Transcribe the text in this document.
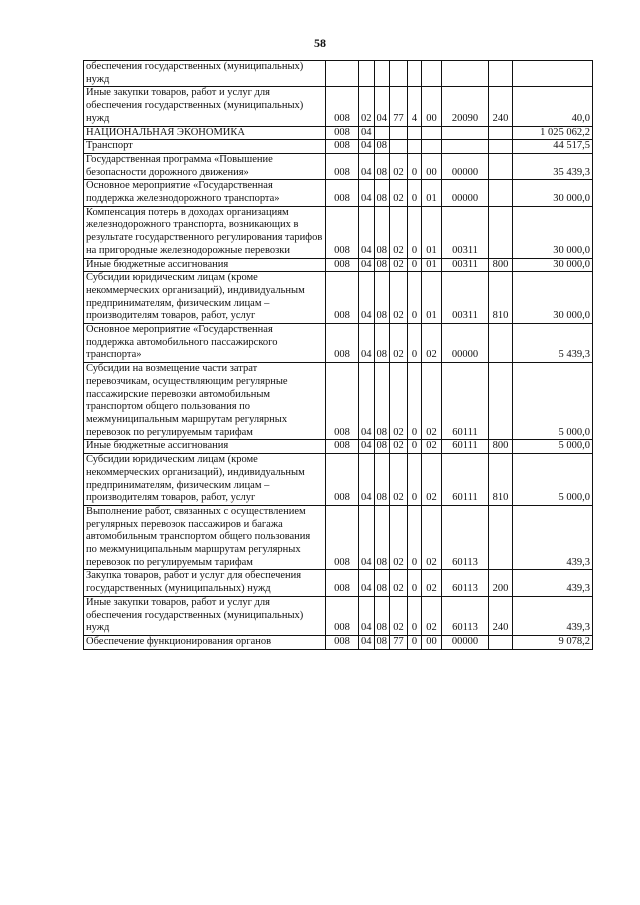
58
обеспечения государственных (муниципальных) нужд									
Иные закупки товаров, работ и услуг для обеспечения государственных (муниципальных) нужд	008	02	04	77	4	00	20090	240	40,0
НАЦИОНАЛЬНАЯ ЭКОНОМИКА	008	04							1 025 062,2
Транспорт	008	04	08						44 517,5
Государственная программа «Повышение безопасности дорожного движения»	008	04	08	02	0	00	00000		35 439,3
Основное мероприятие «Государственная поддержка железнодорожного транспорта»	008	04	08	02	0	01	00000		30 000,0
Компенсация потерь в доходах организациям железнодорожного транспорта, возникающих в результате государственного регулирования тарифов на пригородные железнодорожные перевозки	008	04	08	02	0	01	00311		30 000,0
Иные бюджетные ассигнования	008	04	08	02	0	01	00311	800	30 000,0
Субсидии юридическим лицам (кроме некоммерческих организаций), индивидуальным предпринимателям, физическим лицам – производителям товаров, работ, услуг	008	04	08	02	0	01	00311	810	30 000,0
Основное мероприятие «Государственная поддержка автомобильного пассажирского транспорта»	008	04	08	02	0	02	00000		5 439,3
Субсидии на возмещение части затрат перевозчикам, осуществляющим регулярные пассажирские перевозки автомобильным транспортом общего пользования по межмуниципальным маршрутам регулярных перевозок по регулируемым тарифам	008	04	08	02	0	02	60111		5 000,0
Иные бюджетные ассигнования	008	04	08	02	0	02	60111	800	5 000,0
Субсидии юридическим лицам (кроме некоммерческих организаций), индивидуальным предпринимателям, физическим лицам – производителям товаров, работ, услуг	008	04	08	02	0	02	60111	810	5 000,0
Выполнение работ, связанных с осуществлением регулярных перевозок пассажиров и багажа автомобильным транспортом общего пользования по межмуниципальным маршрутам регулярных перевозок по регулируемым тарифам	008	04	08	02	0	02	60113		439,3
Закупка товаров, работ и услуг для обеспечения государственных (муниципальных) нужд	008	04	08	02	0	02	60113	200	439,3
Иные закупки товаров, работ и услуг для обеспечения государственных (муниципальных) нужд	008	04	08	02	0	02	60113	240	439,3
Обеспечение функционирования органов	008	04	08	77	0	00	00000		9 078,2
